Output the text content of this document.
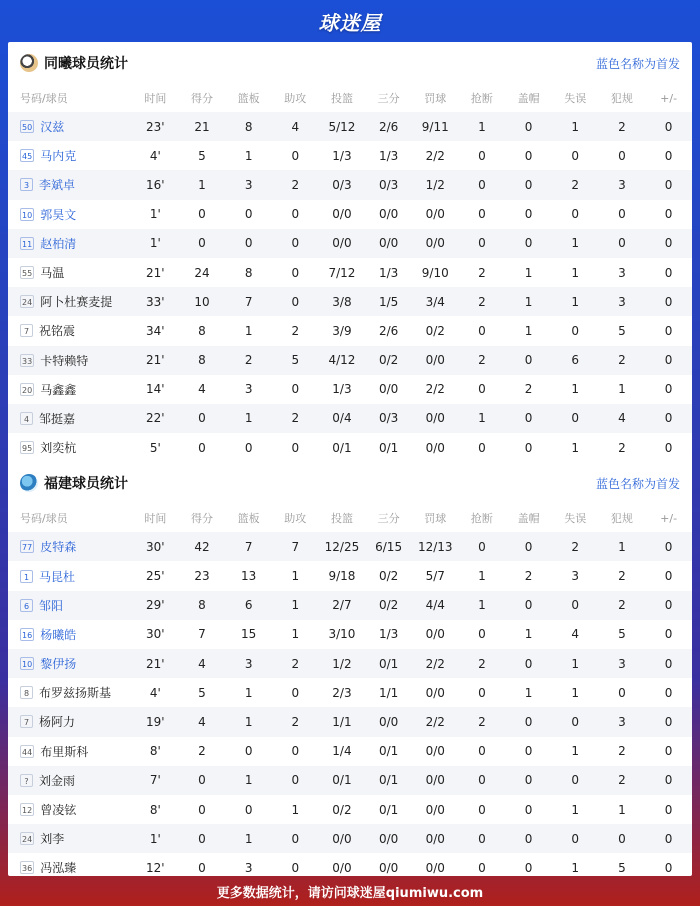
球迷屋
同曦球员统计	蓝色名称为首发
号码/球员	时间	得分	篮板	助攻	投篮	三分	罚球	抢断	盖帽	失误	犯规	+/-
50 汉兹	23'	21	8	4	5/12	2/6	9/11	1	0	1	2	0
45 马内克	4'	5	1	0	1/3	1/3	2/2	0	0	0	0	0
3 李斌卓	16'	1	3	2	0/3	0/3	1/2	0	0	2	3	0
10 郭昊文	1'	0	0	0	0/0	0/0	0/0	0	0	0	0	0
11 赵柏清	1'	0	0	0	0/0	0/0	0/0	0	0	1	0	0
55 马温	21'	24	8	0	7/12	1/3	9/10	2	1	1	3	0
24 阿卜杜赛麦提	33'	10	7	0	3/8	1/5	3/4	2	1	1	3	0
7 祝铭震	34'	8	1	2	3/9	2/6	0/2	0	1	0	5	0
33 卡特赖特	21'	8	2	5	4/12	0/2	0/0	2	0	6	2	0
20 马鑫鑫	14'	4	3	0	1/3	0/0	2/2	0	2	1	1	0
4 邹挺嘉	22'	0	1	2	0/4	0/3	0/0	1	0	0	4	0
95 刘奕杭	5'	0	0	0	0/1	0/1	0/0	0	0	1	2	0
福建球员统计	蓝色名称为首发
号码/球员	时间	得分	篮板	助攻	投篮	三分	罚球	抢断	盖帽	失误	犯规	+/-
77 皮特森	30'	42	7	7	12/25	6/15	12/13	0	0	2	1	0
1 马昆杜	25'	23	13	1	9/18	0/2	5/7	1	2	3	2	0
6 邹阳	29'	8	6	1	2/7	0/2	4/4	1	0	0	2	0
16 杨曦皓	30'	7	15	1	3/10	1/3	0/0	0	1	4	5	0
10 黎伊扬	21'	4	3	2	1/2	0/1	2/2	2	0	1	3	0
8 布罗兹扬斯基	4'	5	1	0	2/3	1/1	0/0	0	1	1	0	0
7 杨阿力	19'	4	1	2	1/1	0/0	2/2	2	0	0	3	0
44 布里斯科	8'	2	0	0	1/4	0/1	0/0	0	0	1	2	0
? 刘金雨	7'	0	1	0	0/1	0/1	0/0	0	0	0	2	0
12 曾凌铉	8'	0	0	1	0/2	0/1	0/0	0	0	1	1	0
24 刘李	1'	0	1	0	0/0	0/0	0/0	0	0	0	0	0
36 冯泓臻	12'	0	3	0	0/0	0/0	0/0	0	0	1	5	0
更多数据统计，请访问球迷屋qiumiwu.com
